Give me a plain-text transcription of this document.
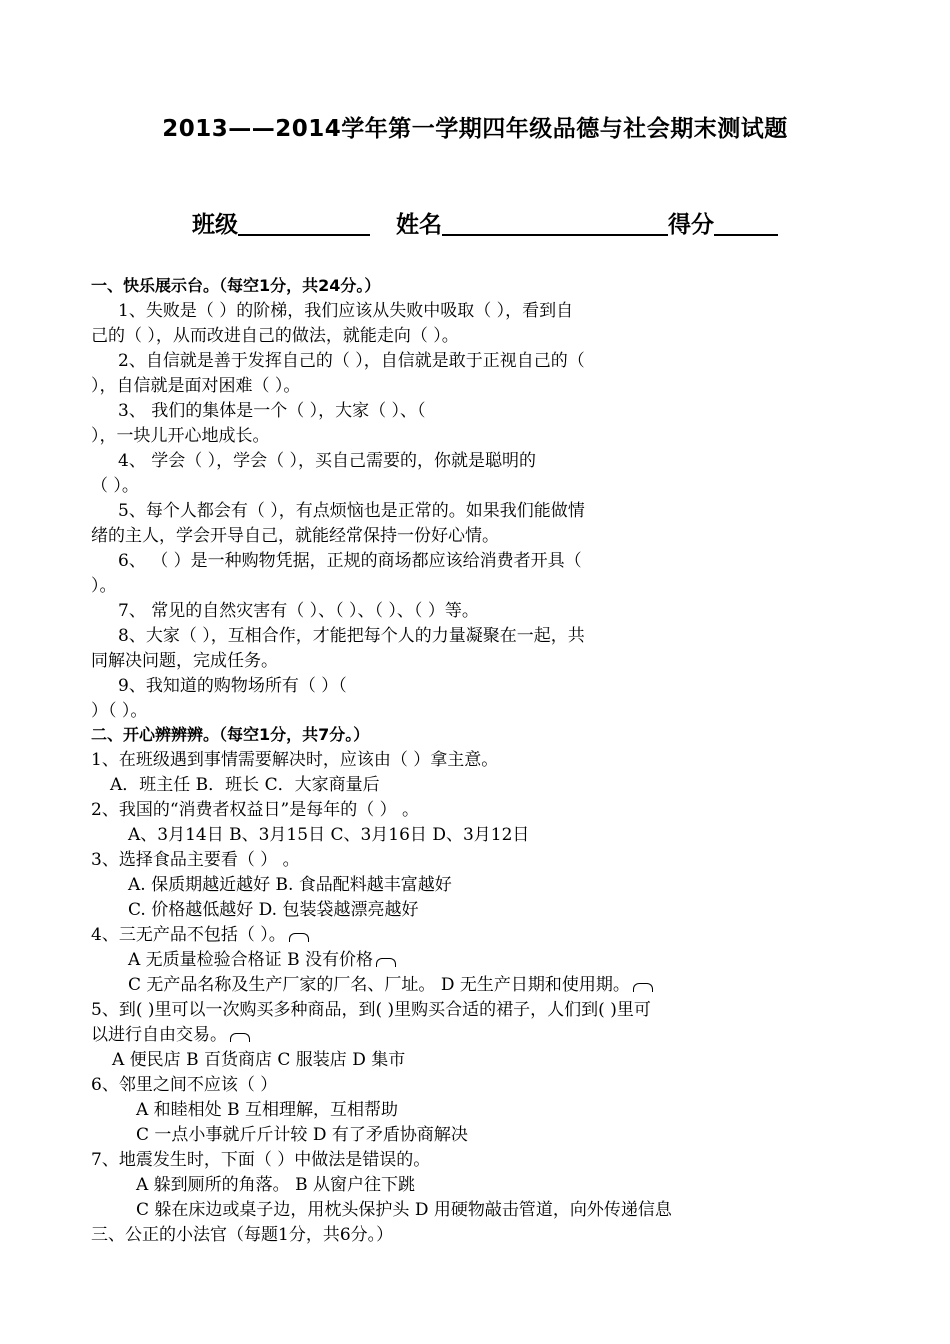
2013——2014学年第一学期四年级品德与社会期末测试题
班级	姓名	得分
一、快乐展示台。（每空1分，共24分。）
1、失败是（ ）的阶梯，我们应该从失败中吸取（ ），看到自
己的（ ），从而改进自己的做法，就能走向（ ）。
2、自信就是善于发挥自己的（ ），自信就是敢于正视自己的（
），自信就是面对困难（ ）。
3、 我们的集体是一个（ ），大家（ ）、（
），一块儿开心地成长。
4、 学会（ ），学会（ ），买自己需要的，你就是聪明的
（ ）。
5、每个人都会有（ ），有点烦恼也是正常的。如果我们能做情
绪的主人，学会开导自己，就能经常保持一份好心情。
6、 （ ）是一种购物凭据，正规的商场都应该给消费者开具（
）。
7、 常见的自然灾害有（ ）、（ ）、（ ）、（ ）等。
8、大家（ ），互相合作，才能把每个人的力量凝聚在一起，共
同解决问题，完成任务。
9、我知道的购物场所有（ ）（
）（ ）。
二、开心辨辨辨。（每空1分，共7分。）
1、在班级遇到事情需要解决时，应该由（ ）拿主意。
A．班主任 B．班长 C．大家商量后
2、我国的“消费者权益日”是每年的（ ） 。
A、3月14日 B、3月15日 C、3月16日 D、3月12日
3、选择食品主要看（ ） 。
A. 保质期越近越好 B. 食品配料越丰富越好
C. 价格越低越好 D. 包装袋越漂亮越好
4、三无产品不包括（ ）。
A 无质量检验合格证 B 没有价格
C 无产品名称及生产厂家的厂名、厂址。 D 无生产日期和使用期。
5、到( )里可以一次购买多种商品，到( )里购买合适的裙子，人们到( )里可
以进行自由交易。
A 便民店 B 百货商店 C 服装店 D 集市
6、邻里之间不应该（ ）
A 和睦相处 B 互相理解，互相帮助
C 一点小事就斤斤计较 D 有了矛盾协商解决
7、地震发生时，下面（ ）中做法是错误的。
A 躲到厕所的角落。 B 从窗户往下跳
C 躲在床边或桌子边，用枕头保护头 D 用硬物敲击管道，向外传递信息
三、公正的小法官（每题1分，共6分。）
